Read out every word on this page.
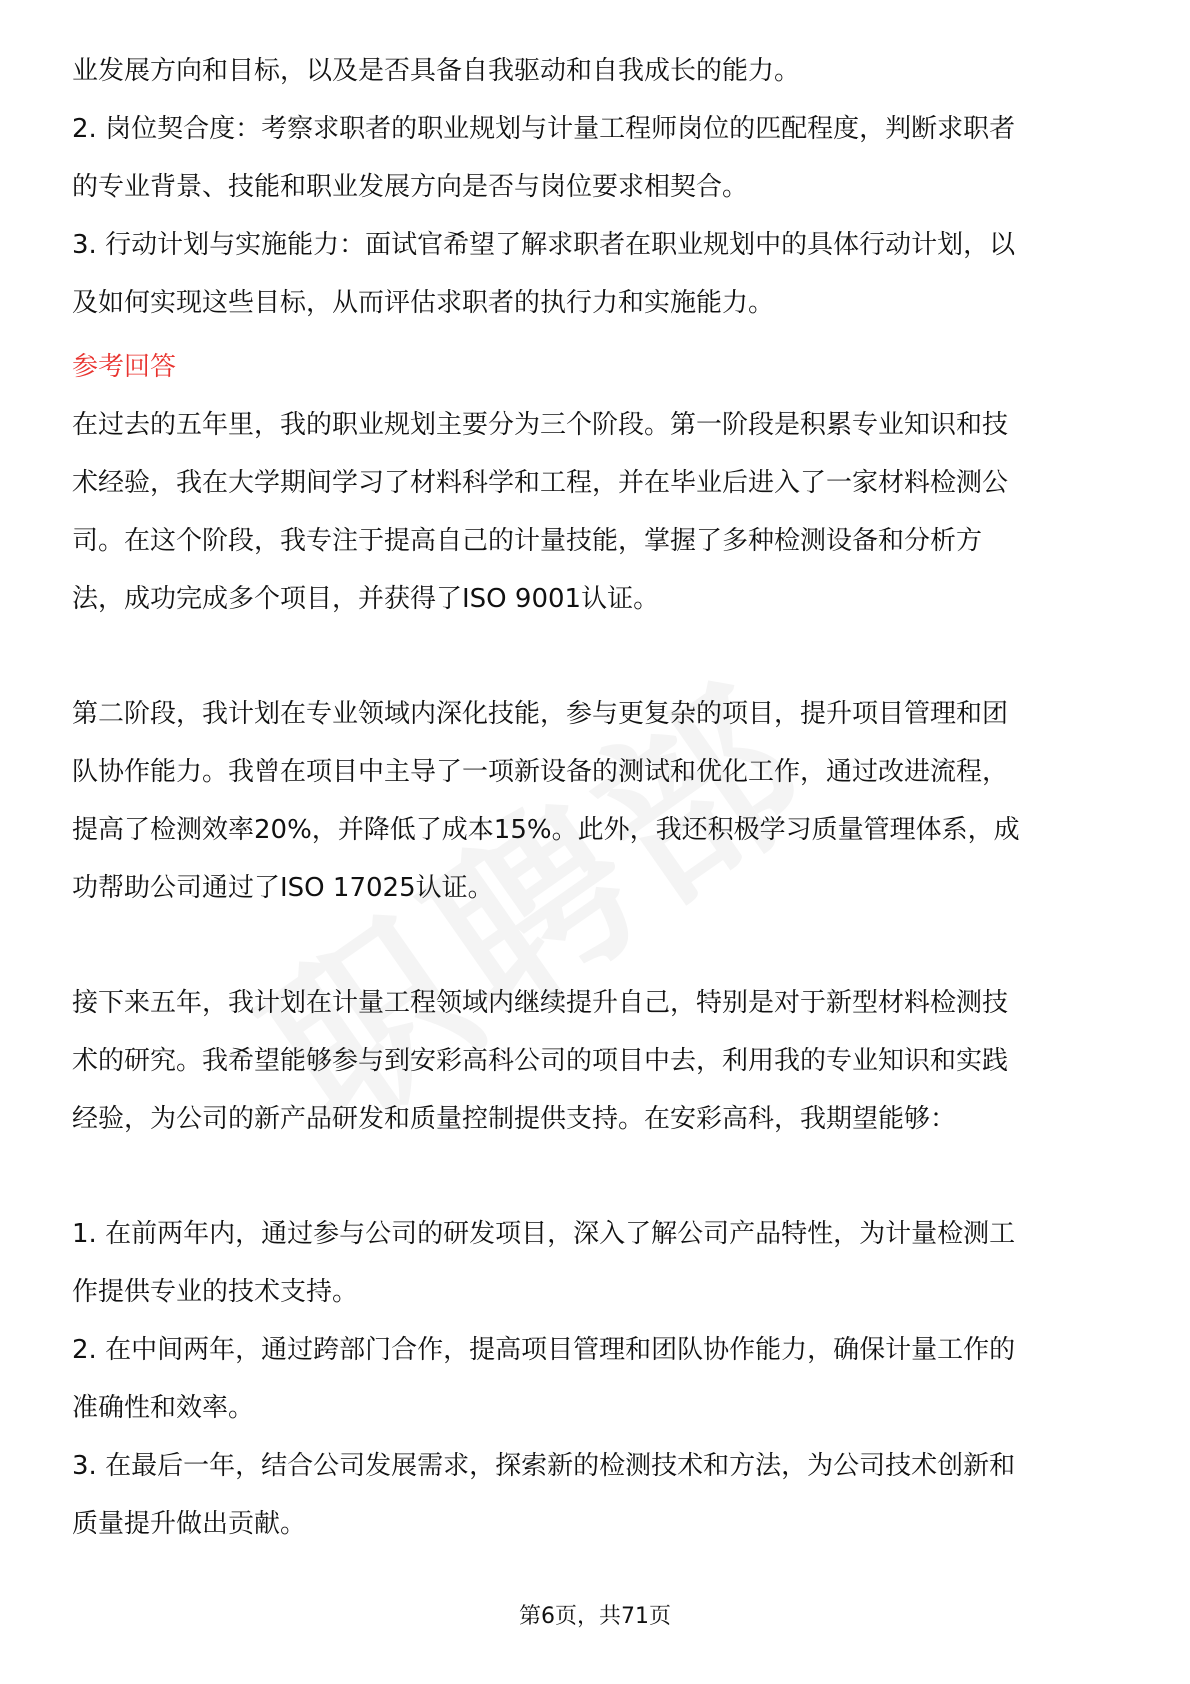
业发展方向和目标，以及是否具备自我驱动和自我成长的能力。
2. 岗位契合度：考察求职者的职业规划与计量工程师岗位的匹配程度，判断求职者
的专业背景、技能和职业发展方向是否与岗位要求相契合。
3. 行动计划与实施能力：面试官希望了解求职者在职业规划中的具体行动计划，以
及如何实现这些目标，从而评估求职者的执行力和实施能力。
参考回答
在过去的五年里，我的职业规划主要分为三个阶段。第一阶段是积累专业知识和技
术经验，我在大学期间学习了材料科学和工程，并在毕业后进入了一家材料检测公
司。在这个阶段，我专注于提高自己的计量技能，掌握了多种检测设备和分析方
法，成功完成多个项目，并获得了ISO 9001认证。
第二阶段，我计划在专业领域内深化技能，参与更复杂的项目，提升项目管理和团
队协作能力。我曾在项目中主导了一项新设备的测试和优化工作，通过改进流程，
提高了检测效率20%，并降低了成本15%。此外，我还积极学习质量管理体系，成
功帮助公司通过了ISO 17025认证。
接下来五年，我计划在计量工程领域内继续提升自己，特别是对于新型材料检测技
术的研究。我希望能够参与到安彩高科公司的项目中去，利用我的专业知识和实践
经验，为公司的新产品研发和质量控制提供支持。在安彩高科，我期望能够：
1. 在前两年内，通过参与公司的研发项目，深入了解公司产品特性，为计量检测工
作提供专业的技术支持。
2. 在中间两年，通过跨部门合作，提高项目管理和团队协作能力，确保计量工作的
准确性和效率。
3. 在最后一年，结合公司发展需求，探索新的检测技术和方法，为公司技术创新和
质量提升做出贡献。
第6页，共71页
